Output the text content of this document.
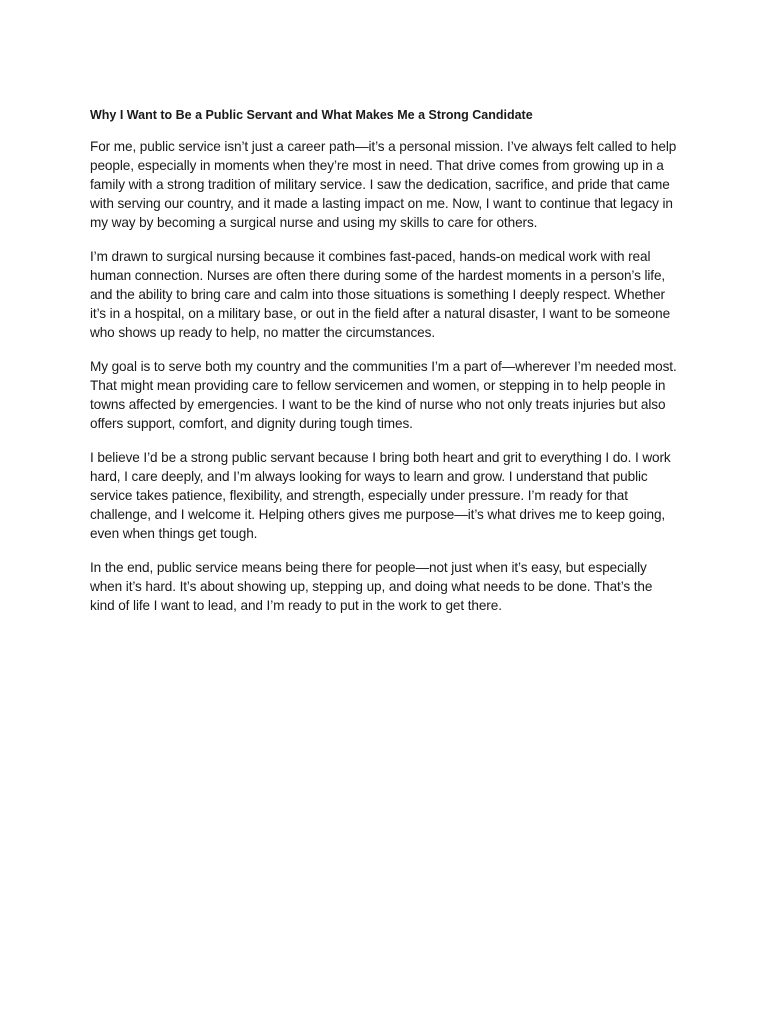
Why I Want to Be a Public Servant and What Makes Me a Strong Candidate

For me, public service isn’t just a career path—it’s a personal mission. I’ve always felt called to help people, especially in moments when they’re most in need. That drive comes from growing up in a family with a strong tradition of military service. I saw the dedication, sacrifice, and pride that came with serving our country, and it made a lasting impact on me. Now, I want to continue that legacy in my way by becoming a surgical nurse and using my skills to care for others.

I’m drawn to surgical nursing because it combines fast-paced, hands-on medical work with real human connection. Nurses are often there during some of the hardest moments in a person’s life, and the ability to bring care and calm into those situations is something I deeply respect. Whether it’s in a hospital, on a military base, or out in the field after a natural disaster, I want to be someone who shows up ready to help, no matter the circumstances.

My goal is to serve both my country and the communities I’m a part of—wherever I’m needed most. That might mean providing care to fellow servicemen and women, or stepping in to help people in towns affected by emergencies. I want to be the kind of nurse who not only treats injuries but also offers support, comfort, and dignity during tough times.

I believe I’d be a strong public servant because I bring both heart and grit to everything I do. I work hard, I care deeply, and I’m always looking for ways to learn and grow. I understand that public service takes patience, flexibility, and strength, especially under pressure. I’m ready for that challenge, and I welcome it. Helping others gives me purpose—it’s what drives me to keep going, even when things get tough.

In the end, public service means being there for people—not just when it’s easy, but especially when it’s hard. It’s about showing up, stepping up, and doing what needs to be done. That’s the kind of life I want to lead, and I’m ready to put in the work to get there.
